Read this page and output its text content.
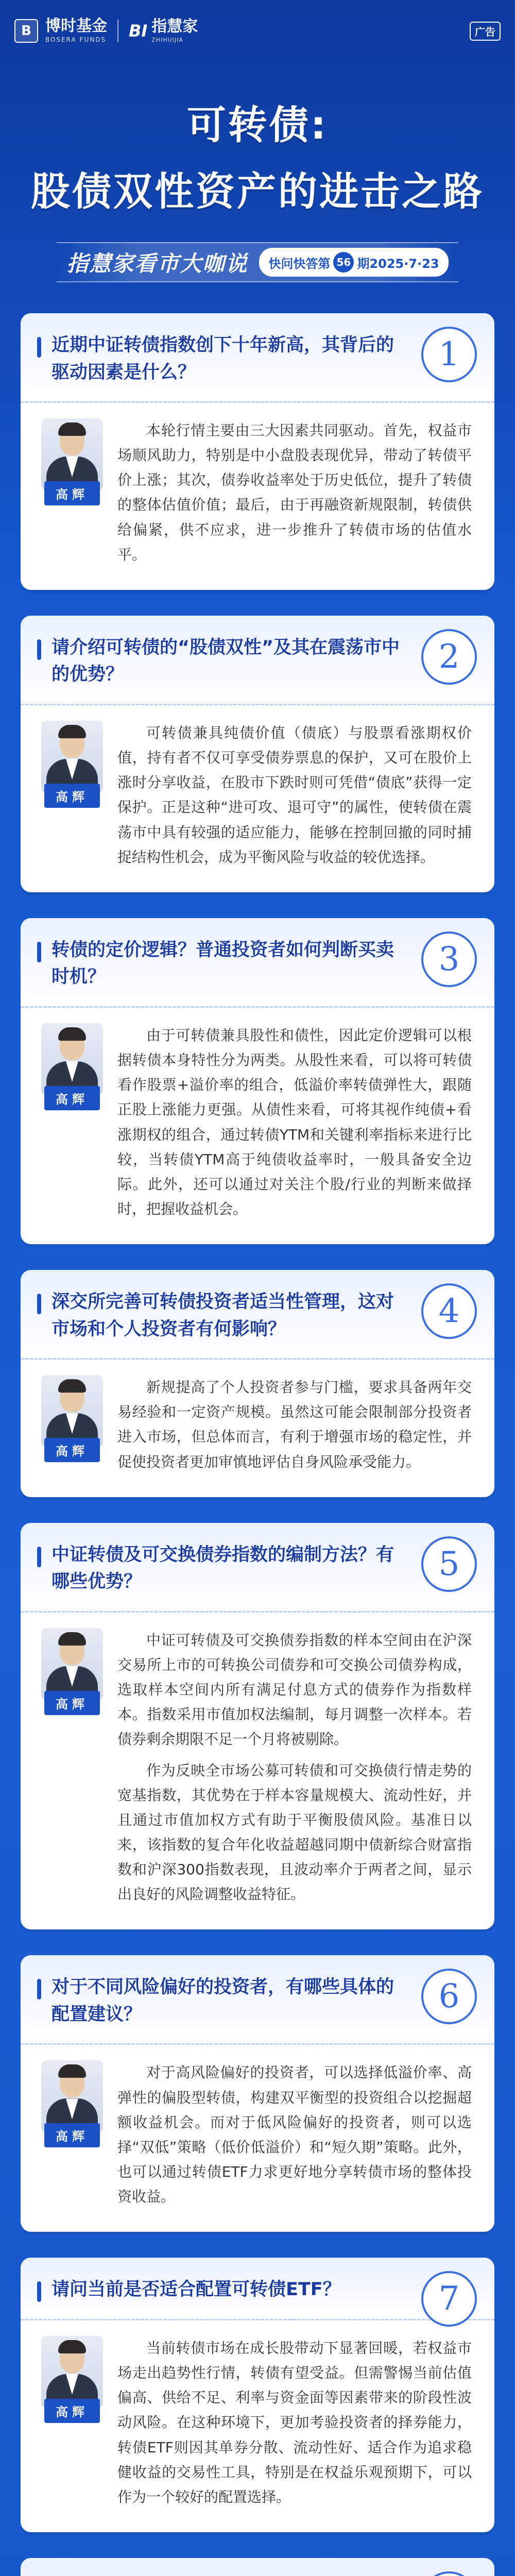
B 博时基金
BOSERA FUNDS BI 指慧家
ZHIHUIJIA
广告
可转债:
股债双性资产的进击之路
指慧家看市大咖说 快问快答第 56 期2025·7·23
近期中证转债指数创下十年新高，其背后的驱动因素是什么？	1
高辉

本轮行情主要由三大因素共同驱动。首先，权益市场顺风助力，特别是中小盘股表现优异，带动了转债平价上涨；其次，债券收益率处于历史低位，提升了转债的整体估值价值；最后，由于再融资新规限制，转债供给偏紧，供不应求，进一步推升了转债市场的估值水平。

请介绍可转债的“股债双性”及其在震荡市中的优势？	2
高辉

可转债兼具纯债价值（债底）与股票看涨期权价值，持有者不仅可享受债券票息的保护，又可在股价上涨时分享收益，在股市下跌时则可凭借“债底”获得一定保护。正是这种“进可攻、退可守”的属性，使转债在震荡市中具有较强的适应能力，能够在控制回撤的同时捕捉结构性机会，成为平衡风险与收益的较优选择。

转债的定价逻辑？普通投资者如何判断买卖时机？	3
高辉

由于可转债兼具股性和债性，因此定价逻辑可以根据转债本身特性分为两类。从股性来看，可以将可转债看作股票+溢价率的组合，低溢价率转债弹性大，跟随正股上涨能力更强。从债性来看，可将其视作纯债+看涨期权的组合，通过转债YTM和关键利率指标来进行比较，当转债YTM高于纯债收益率时，一般具备安全边际。此外，还可以通过对关注个股/行业的判断来做择时，把握收益机会。

深交所完善可转债投资者适当性管理，这对市场和个人投资者有何影响？	4
高辉

新规提高了个人投资者参与门槛，要求具备两年交易经验和一定资产规模。虽然这可能会限制部分投资者进入市场，但总体而言，有利于增强市场的稳定性，并促使投资者更加审慎地评估自身风险承受能力。

中证转债及可交换债券指数的编制方法？有哪些优势？	5
高辉

中证可转债及可交换债券指数的样本空间由在沪深交易所上市的可转换公司债券和可交换公司债券构成，选取样本空间内所有满足付息方式的债券作为指数样本。指数采用市值加权法编制，每月调整一次样本。若债券剩余期限不足一个月将被剔除。

作为反映全市场公募可转债和可交换债行情走势的宽基指数，其优势在于样本容量规模大、流动性好，并且通过市值加权方式有助于平衡股债风险。基准日以来，该指数的复合年化收益超越同期中债新综合财富指数和沪深300指数表现，且波动率介于两者之间，显示出良好的风险调整收益特征。

对于不同风险偏好的投资者，有哪些具体的配置建议？	6
高辉

对于高风险偏好的投资者，可以选择低溢价率、高弹性的偏股型转债，构建双平衡型的投资组合以挖掘超额收益机会。而对于低风险偏好的投资者，则可以选择“双低”策略（低价低溢价）和“短久期”策略。此外，也可以通过转债ETF力求更好地分享转债市场的整体投资收益。

请问当前是否适合配置可转债ETF？	7
高辉

当前转债市场在成长股带动下显著回暖，若权益市场走出趋势性行情，转债有望受益。但需警惕当前估值偏高、供给不足、利率与资金面等因素带来的阶段性波动风险。在这种环境下，更加考验投资者的择券能力，转债ETF则因其单券分散、流动性好、适合作为追求稳健收益的交易性工具，特别是在权益乐观预期下，可以作为一个较好的配置选择。
